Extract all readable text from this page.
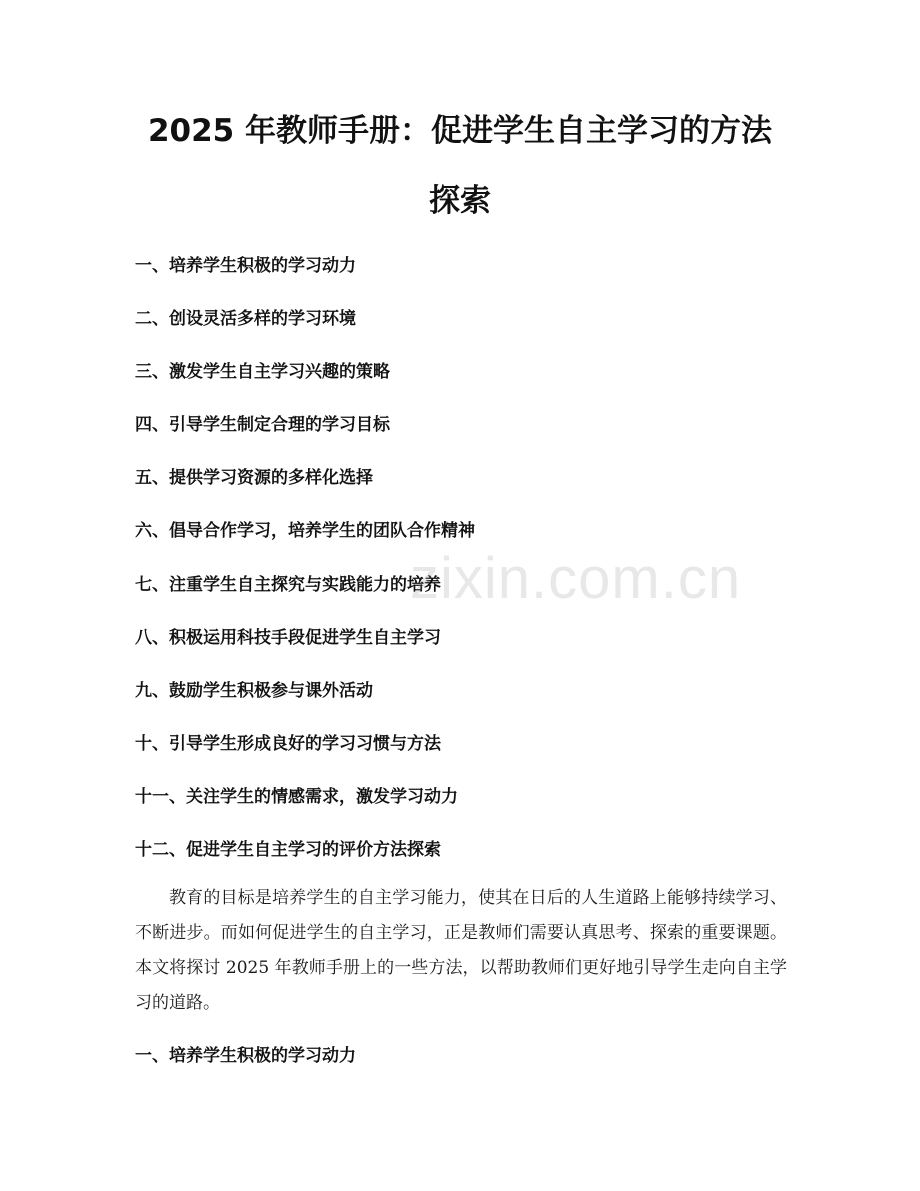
2025 年教师手册：促进学生自主学习的方法
探索
一、培养学生积极的学习动力
二、创设灵活多样的学习环境
三、激发学生自主学习兴趣的策略
四、引导学生制定合理的学习目标
五、提供学习资源的多样化选择
六、倡导合作学习，培养学生的团队合作精神
七、注重学生自主探究与实践能力的培养
八、积极运用科技手段促进学生自主学习
九、鼓励学生积极参与课外活动
十、引导学生形成良好的学习习惯与方法
十一、关注学生的情感需求，激发学习动力
十二、促进学生自主学习的评价方法探索
zixin.com.cn

教育的目标是培养学生的自主学习能力，使其在日后的人生道路上能够持续学习、不断进步。而如何促进学生的自主学习，正是教师们需要认真思考、探索的重要课题。本文将探讨 2025 年教师手册上的一些方法，以帮助教师们更好地引导学生走向自主学习的道路。

一、培养学生积极的学习动力
